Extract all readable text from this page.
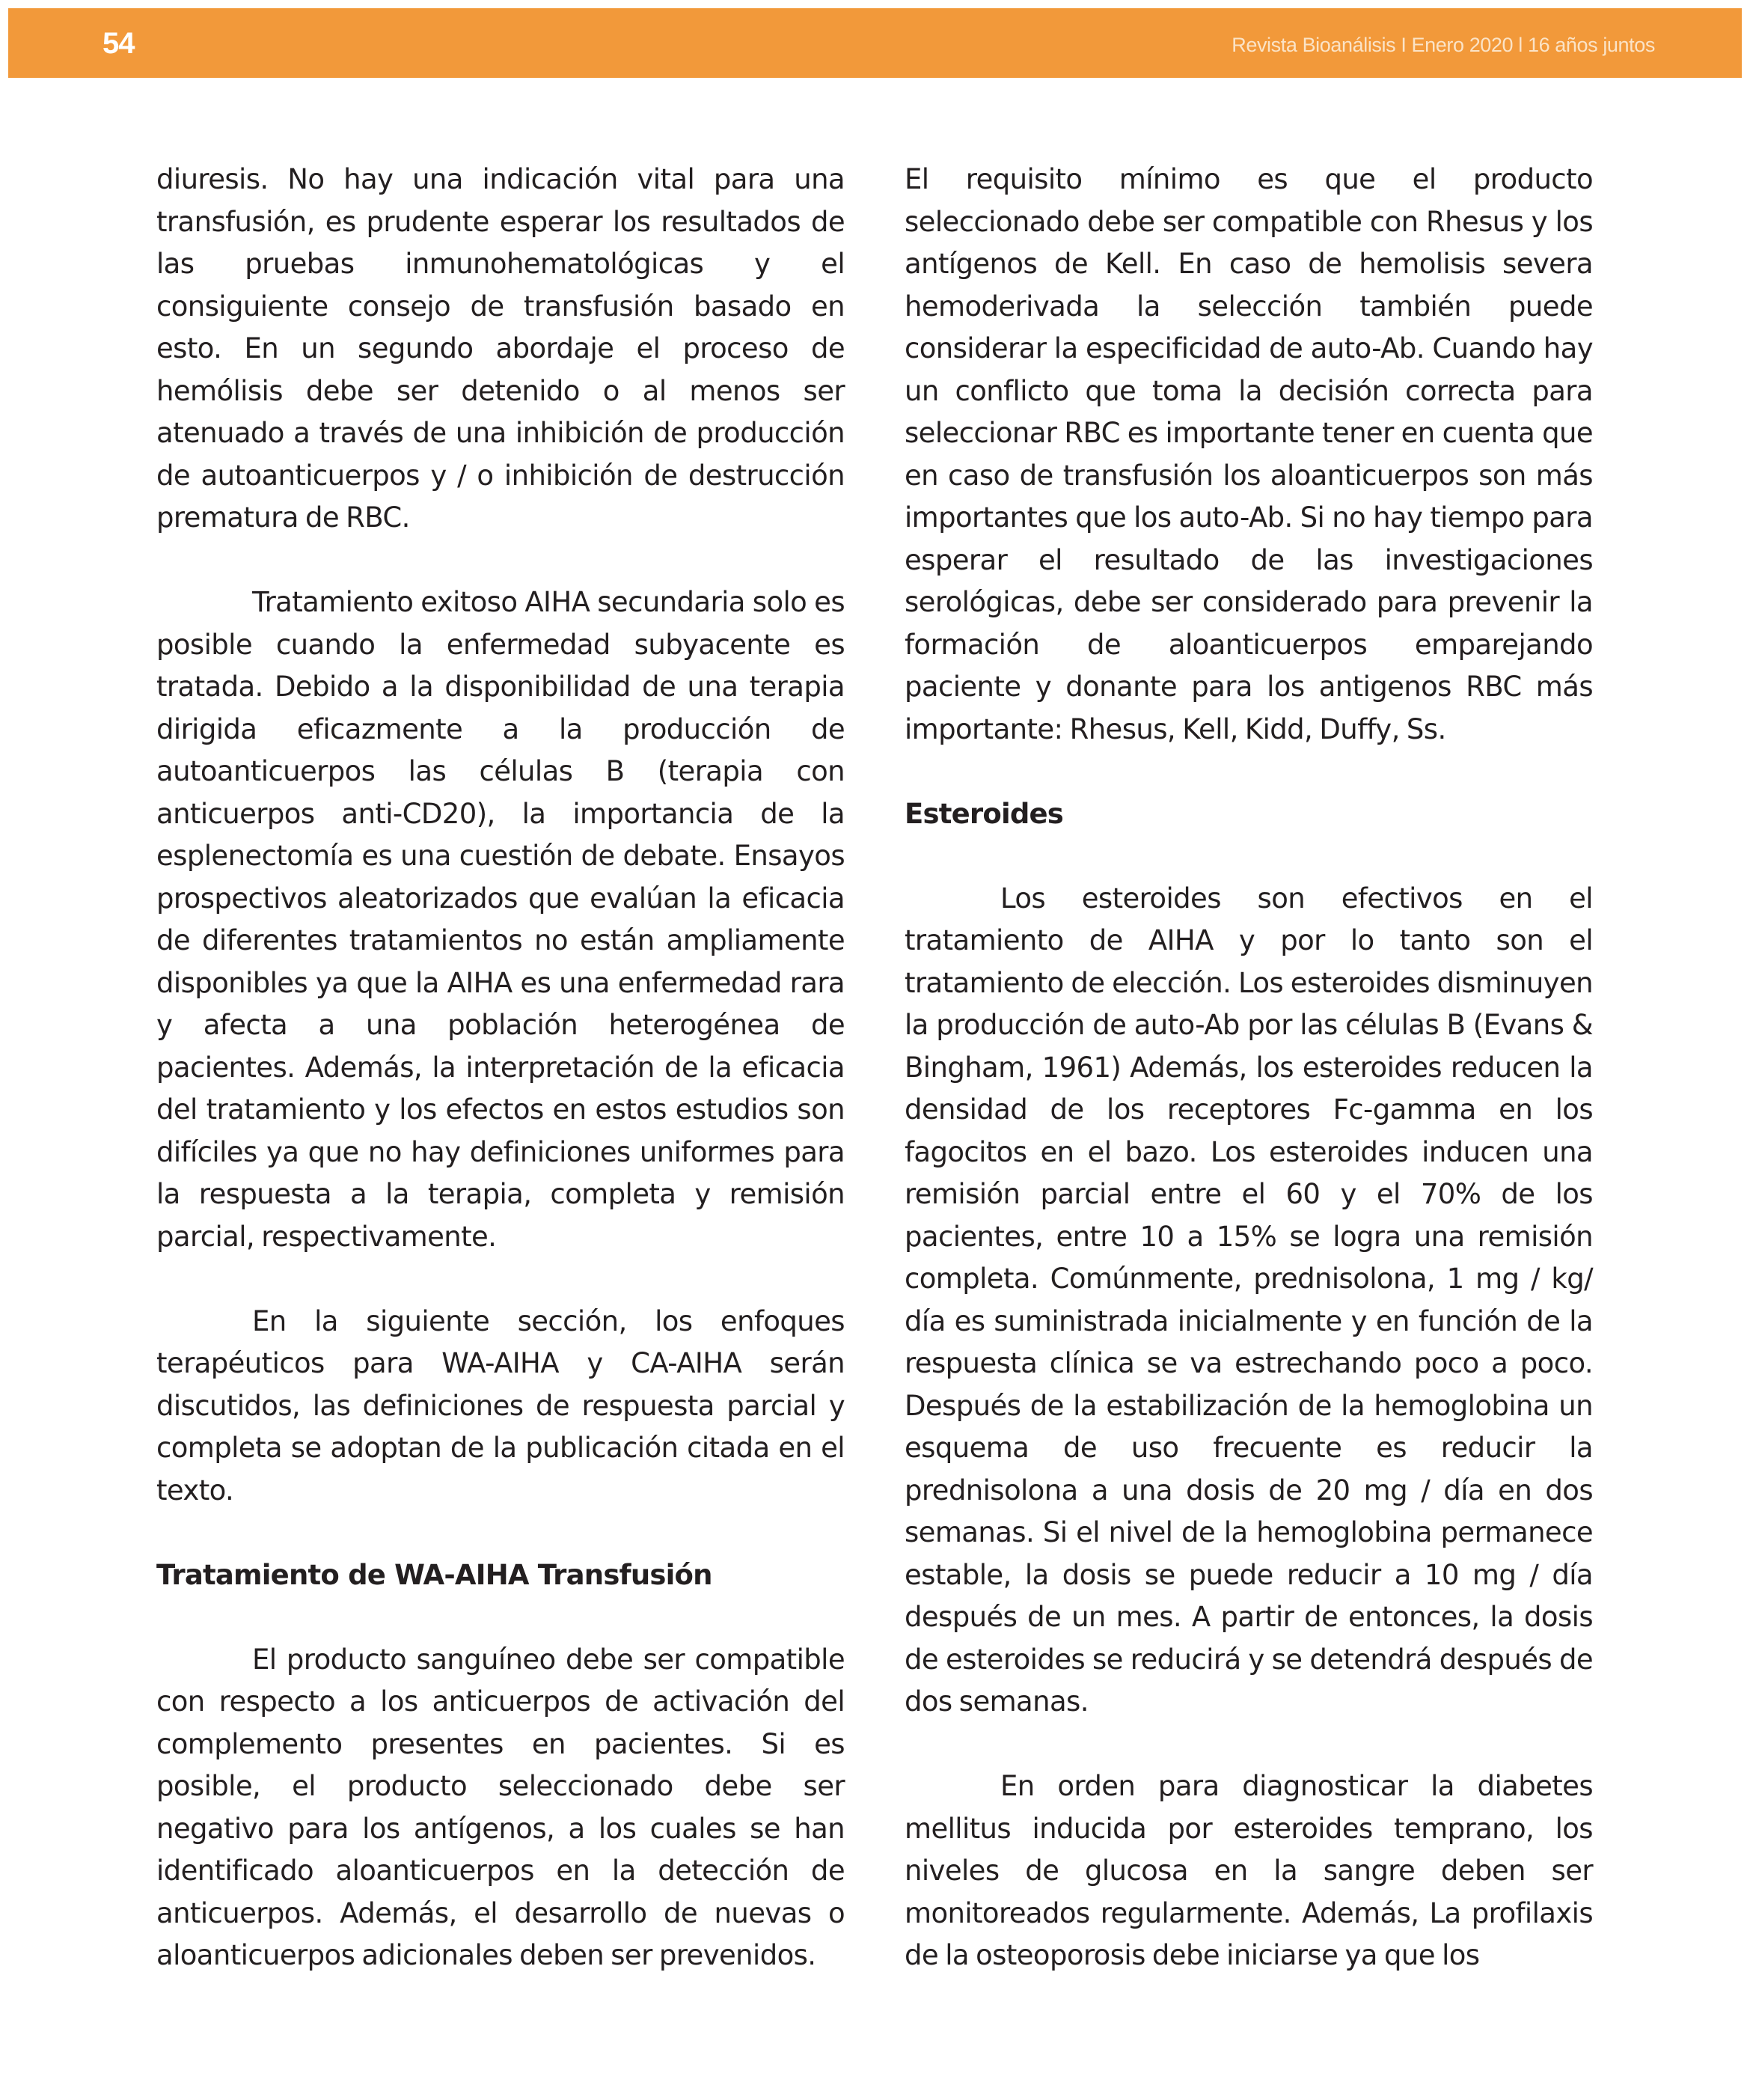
54	Revista Bioanálisis I Enero 2020 l 16 años juntos

diuresis. No hay una indicación vital para una transfusión, es prudente esperar los resultados de las pruebas inmunohematológicas y el consiguiente consejo de transfusión basado en esto. En un segundo abordaje el proceso de hemólisis debe ser detenido o al menos ser atenuado a través de una inhibición de producción de autoanticuerpos y / o inhibición de destrucción prematura de RBC.

Tratamiento exitoso AIHA secundaria solo es posible cuando la enfermedad subyacente es tratada. Debido a la disponibilidad de una terapia dirigida eficazmente a la producción de autoanticuerpos las células B (terapia con anticuerpos anti-CD20), la importancia de la esplenectomía es una cuestión de debate. Ensayos prospectivos aleatorizados que evalúan la eficacia de diferentes tratamientos no están ampliamente disponibles ya que la AIHA es una enfermedad rara y afecta a una población heterogénea de pacientes. Además, la interpretación de la eficacia del tratamiento y los efectos en estos estudios son difíciles ya que no hay definiciones uniformes para la respuesta a la terapia, completa y remisión parcial, respectivamente.

En la siguiente sección, los enfoques terapéuticos para WA-AIHA y CA-AIHA serán discutidos, las definiciones de respuesta parcial y completa se adoptan de la publicación citada en el texto.

Tratamiento de WA-AIHA Transfusión

El producto sanguíneo debe ser compatible con respecto a los anticuerpos de activación del complemento presentes en pacientes. Si es posible, el producto seleccionado debe ser negativo para los antígenos, a los cuales se han identificado aloanticuerpos en la detección de anticuerpos. Además, el desarrollo de nuevas o aloanticuerpos adicionales deben ser prevenidos.

El requisito mínimo es que el producto seleccionado debe ser compatible con Rhesus y los antígenos de Kell. En caso de hemolisis severa hemoderivada la selección también puede considerar la especificidad de auto-Ab. Cuando hay un conflicto que toma la decisión correcta para seleccionar RBC es importante tener en cuenta que en caso de transfusión los aloanticuerpos son más importantes que los auto-Ab. Si no hay tiempo para esperar el resultado de las investigaciones serológicas, debe ser considerado para prevenir la formación de aloanticuerpos emparejando paciente y donante para los antigenos RBC más importante: Rhesus, Kell, Kidd, Duffy, Ss.

Esteroides

Los esteroides son efectivos en el tratamiento de AIHA y por lo tanto son el tratamiento de elección. Los esteroides disminuyen la producción de auto-Ab por las células B (Evans & Bingham, 1961) Además, los esteroides reducen la densidad de los receptores Fc-gamma en los fagocitos en el bazo. Los esteroides inducen una remisión parcial entre el 60 y el 70% de los pacientes, entre 10 a 15% se logra una remisión completa. Comúnmente, prednisolona, 1 mg / kg/ día es suministrada inicialmente y en función de la respuesta clínica se va estrechando poco a poco. Después de la estabilización de la hemoglobina un esquema de uso frecuente es reducir la prednisolona a una dosis de 20 mg / día en dos semanas. Si el nivel de la hemoglobina permanece estable, la dosis se puede reducir a 10 mg / día después de un mes. A partir de entonces, la dosis de esteroides se reducirá y se detendrá después de dos semanas.

En orden para diagnosticar la diabetes mellitus inducida por esteroides temprano, los niveles de glucosa en la sangre deben ser monitoreados regularmente. Además, La profilaxis de la osteoporosis debe iniciarse ya que los
